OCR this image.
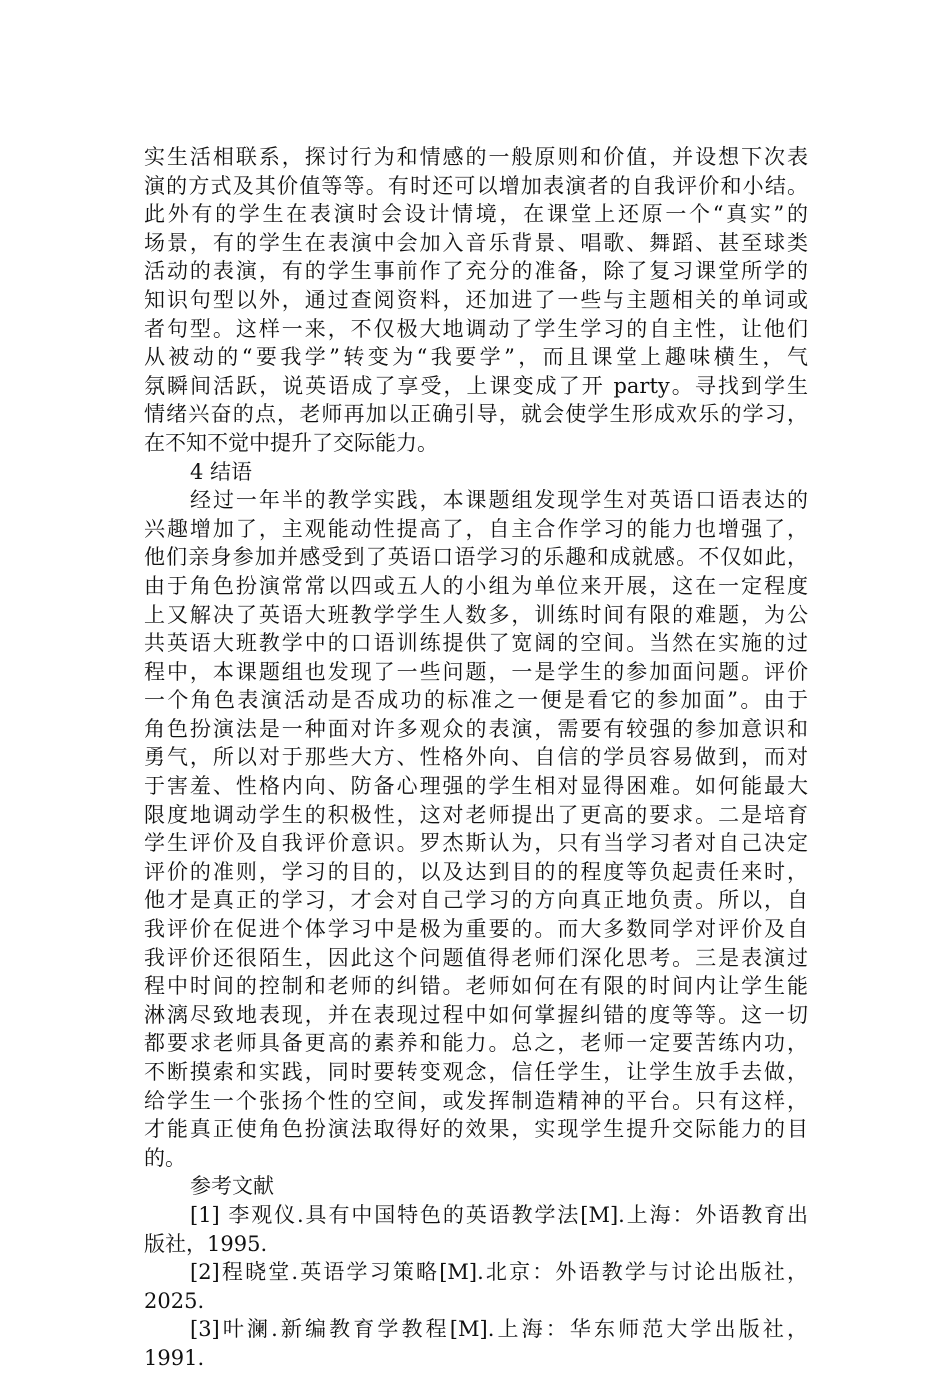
实生活相联系，探讨行为和情感的一般原则和价值，并设想下次表
演的方式及其价值等等。有时还可以增加表演者的自我评价和小结。
此外有的学生在表演时会设计情境，在课堂上还原一个“真实”的
场景，有的学生在表演中会加入音乐背景、唱歌、舞蹈、甚至球类
活动的表演，有的学生事前作了充分的准备，除了复习课堂所学的
知识句型以外，通过查阅资料，还加进了一些与主题相关的单词或
者句型。这样一来，不仅极大地调动了学生学习的自主性，让他们
从被动的“要我学”转变为“我要学”，而且课堂上趣味横生，气
氛瞬间活跃，说英语成了享受，上课变成了开 party。寻找到学生
情绪兴奋的点，老师再加以正确引导，就会使学生形成欢乐的学习，
在不知不觉中提升了交际能力。
4 结语
经过一年半的教学实践，本课题组发现学生对英语口语表达的
兴趣增加了，主观能动性提高了，自主合作学习的能力也增强了，
他们亲身参加并感受到了英语口语学习的乐趣和成就感。不仅如此，
由于角色扮演常常以四或五人的小组为单位来开展，这在一定程度
上又解决了英语大班教学学生人数多，训练时间有限的难题，为公
共英语大班教学中的口语训练提供了宽阔的空间。当然在实施的过
程中，本课题组也发现了一些问题，一是学生的参加面问题。评价
一个角色表演活动是否成功的标准之一便是看它的参加面”。由于
角色扮演法是一种面对许多观众的表演，需要有较强的参加意识和
勇气，所以对于那些大方、性格外向、自信的学员容易做到，而对
于害羞、性格内向、防备心理强的学生相对显得困难。如何能最大
限度地调动学生的积极性，这对老师提出了更高的要求。二是培育
学生评价及自我评价意识。罗杰斯认为，只有当学习者对自己决定
评价的准则，学习的目的，以及达到目的的程度等负起责任来时，
他才是真正的学习，才会对自己学习的方向真正地负责。所以，自
我评价在促进个体学习中是极为重要的。而大多数同学对评价及自
我评价还很陌生，因此这个问题值得老师们深化思考。三是表演过
程中时间的控制和老师的纠错。老师如何在有限的时间内让学生能
淋漓尽致地表现，并在表现过程中如何掌握纠错的度等等。这一切
都要求老师具备更高的素养和能力。总之，老师一定要苦练内功，
不断摸索和实践，同时要转变观念，信任学生，让学生放手去做，
给学生一个张扬个性的空间，或发挥制造精神的平台。只有这样，
才能真正使角色扮演法取得好的效果，实现学生提升交际能力的目
的。
参考文献
[1] 李观仪.具有中国特色的英语教学法[M].上海：外语教育出
版社，1995.
[2]程晓堂.英语学习策略[M].北京：外语教学与讨论出版社，
2025.
[3]叶澜.新编教育学教程[M].上海：华东师范大学出版社，
1991.
